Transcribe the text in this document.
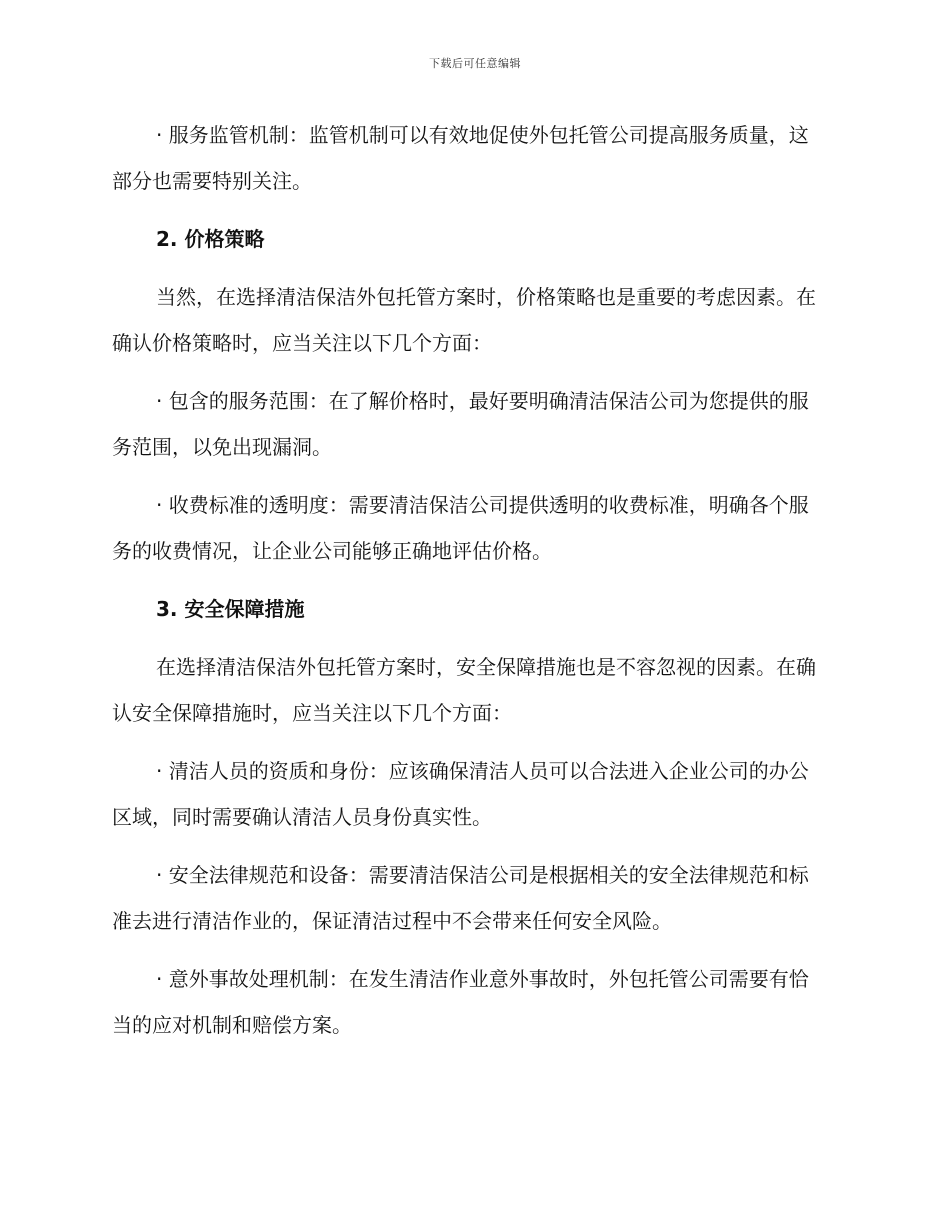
下载后可任意编辑

· 服务监管机制：监管机制可以有效地促使外包托管公司提高服务质量，这部分也需要特别关注。

2. 价格策略

当然，在选择清洁保洁外包托管方案时，价格策略也是重要的考虑因素。在确认价格策略时，应当关注以下几个方面：

· 包含的服务范围：在了解价格时，最好要明确清洁保洁公司为您提供的服务范围，以免出现漏洞。

· 收费标准的透明度：需要清洁保洁公司提供透明的收费标准，明确各个服务的收费情况，让企业公司能够正确地评估价格。

3. 安全保障措施

在选择清洁保洁外包托管方案时，安全保障措施也是不容忽视的因素。在确认安全保障措施时，应当关注以下几个方面：

· 清洁人员的资质和身份：应该确保清洁人员可以合法进入企业公司的办公区域，同时需要确认清洁人员身份真实性。

· 安全法律规范和设备：需要清洁保洁公司是根据相关的安全法律规范和标准去进行清洁作业的，保证清洁过程中不会带来任何安全风险。

· 意外事故处理机制：在发生清洁作业意外事故时，外包托管公司需要有恰当的应对机制和赔偿方案。
